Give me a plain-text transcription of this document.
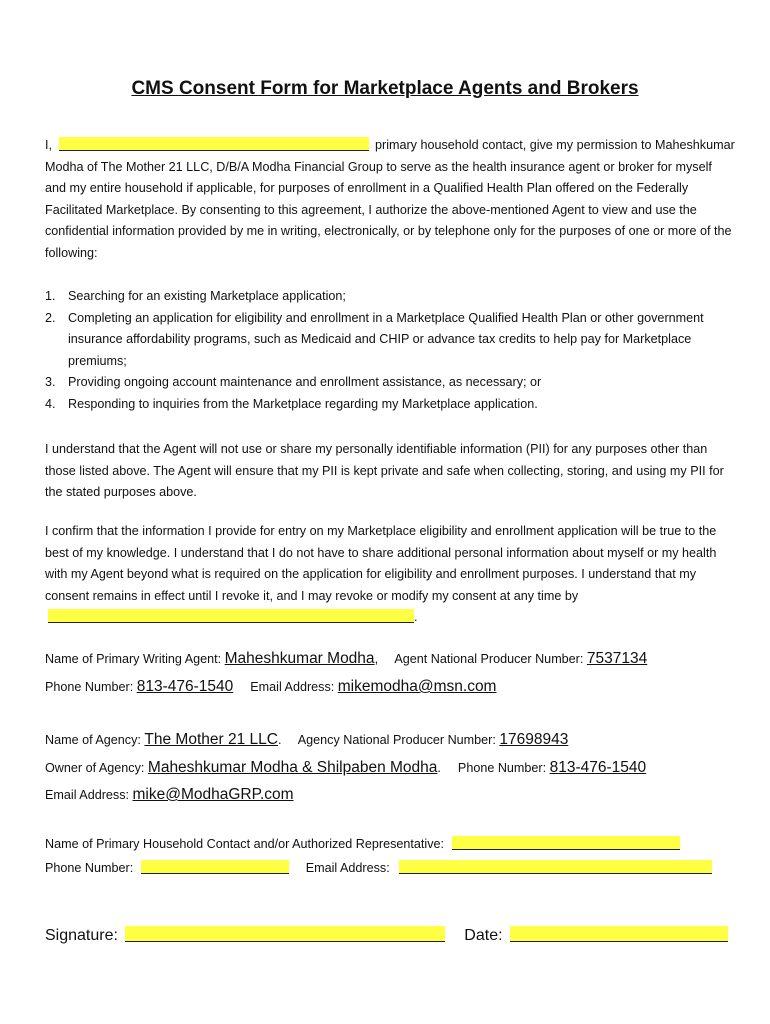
CMS Consent Form for Marketplace Agents and Brokers

I,	primary household contact, give my permission to Maheshkumar Modha of The Mother 21 LLC, D/B/A Modha Financial Group to serve as the health insurance agent or broker for myself and my entire household if applicable, for purposes of enrollment in a Qualified Health Plan offered on the Federally Facilitated Marketplace. By consenting to this agreement, I authorize the above-mentioned Agent to view and use the confidential information provided by me in writing, electronically, or by telephone only for the purposes of one or more of the following:

1. Searching for an existing Marketplace application;
2. Completing an application for eligibility and enrollment in a Marketplace Qualified Health Plan or other government insurance affordability programs, such as Medicaid and CHIP or advance tax credits to help pay for Marketplace premiums;
3. Providing ongoing account maintenance and enrollment assistance, as necessary; or
4. Responding to inquiries from the Marketplace regarding my Marketplace application.

I understand that the Agent will not use or share my personally identifiable information (PII) for any purposes other than those listed above. The Agent will ensure that my PII is kept private and safe when collecting, storing, and using my PII for the stated purposes above.

I confirm that the information I provide for entry on my Marketplace eligibility and enrollment application will be true to the best of my knowledge. I understand that I do not have to share additional personal information about myself or my health with my Agent beyond what is required on the application for eligibility and enrollment purposes. I understand that my consent remains in effect until I revoke it, and I may revoke or modify my consent at any time by .

Name of Primary Writing Agent: Maheshkumar Modha, Agent National Producer Number: 7537134
Phone Number: 813-476-1540 Email Address: mikemodha@msn.com
Name of Agency: The Mother 21 LLC. Agency National Producer Number: 17698943
Owner of Agency: Maheshkumar Modha & Shilpaben Modha. Phone Number: 813-476-1540
Email Address: mike@ModhaGRP.com
Name of Primary Household Contact and/or Authorized Representative:
Phone Number:	Email Address:
Signature:	Date:
